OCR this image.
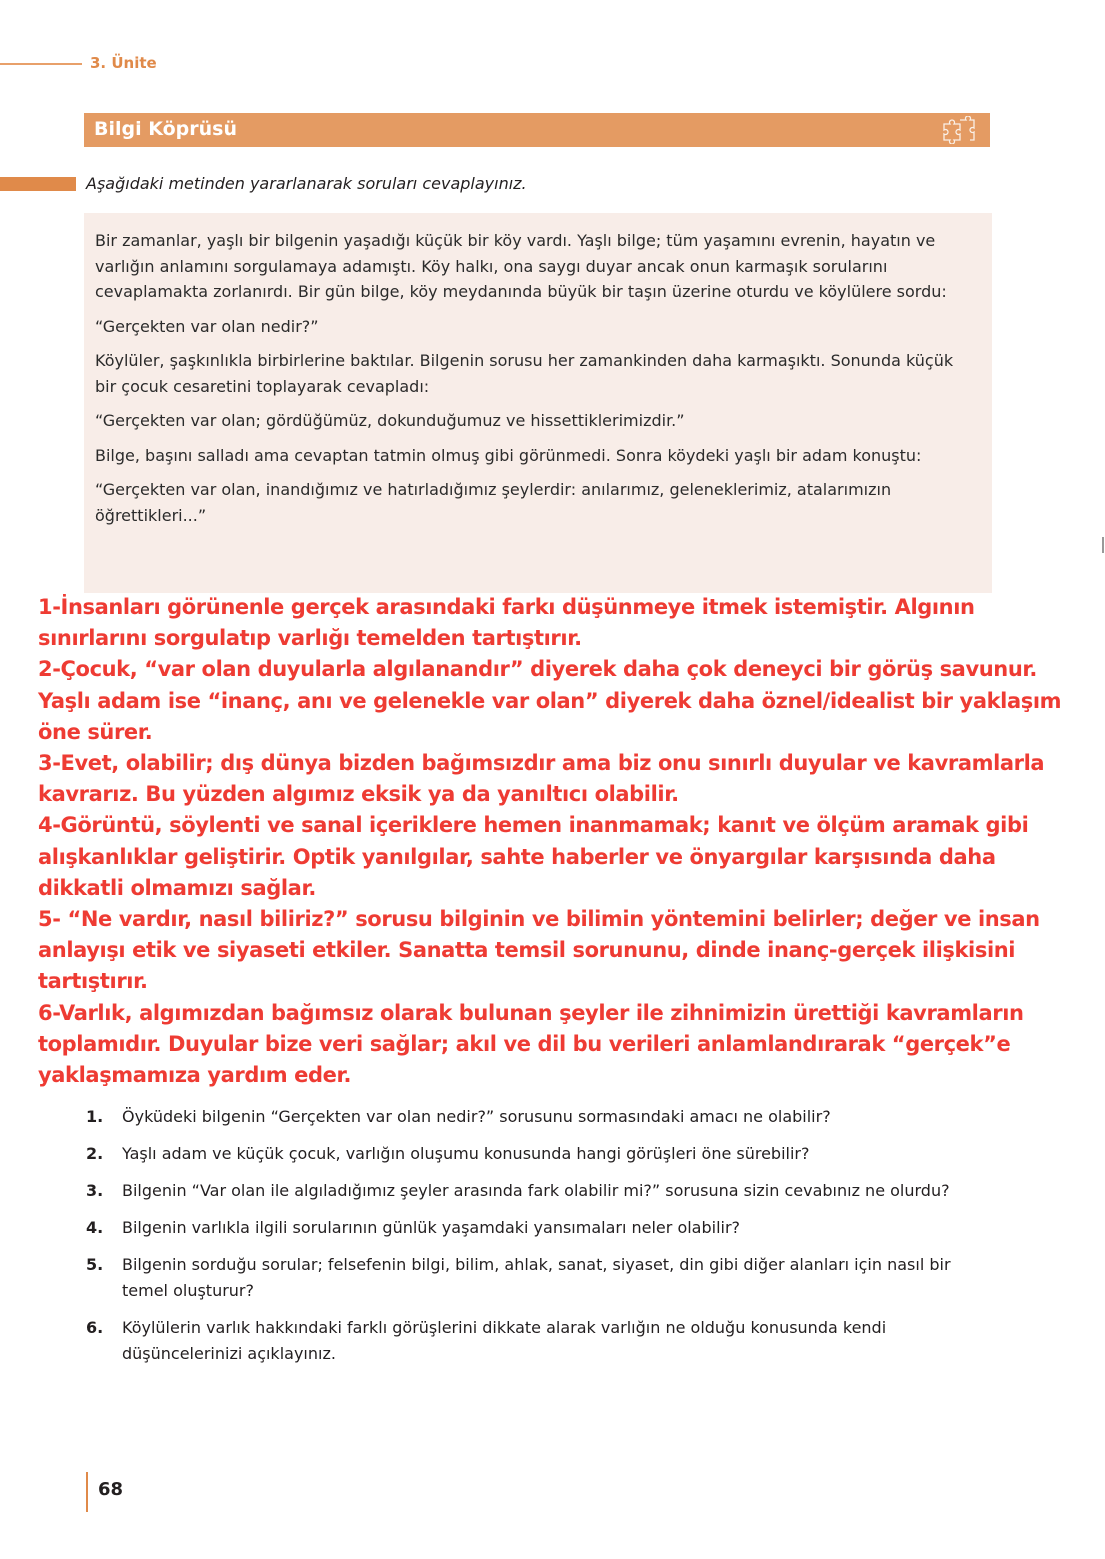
3. Ünite
Bilgi Köprüsü
Aşağıdaki metinden yararlanarak soruları cevaplayınız.

Bir zamanlar, yaşlı bir bilgenin yaşadığı küçük bir köy vardı. Yaşlı bilge; tüm yaşamını evrenin, hayatın ve varlığın anlamını sorgulamaya adamıştı. Köy halkı, ona saygı duyar ancak onun karmaşık sorularını cevaplamakta zorlanırdı. Bir gün bilge, köy meydanında büyük bir taşın üzerine oturdu ve köylülere sordu:

“Gerçekten var olan nedir?”

Köylüler, şaşkınlıkla birbirlerine baktılar. Bilgenin sorusu her zamankinden daha karmaşıktı. Sonunda küçük bir çocuk cesaretini toplayarak cevapladı:

“Gerçekten var olan; gördüğümüz, dokunduğumuz ve hissettiklerimizdir.”

Bilge, başını salladı ama cevaptan tatmin olmuş gibi görünmedi. Sonra köydeki yaşlı bir adam konuştu:

“Gerçekten var olan, inandığımız ve hatırladığımız şeylerdir: anılarımız, geleneklerimiz, atalarımızın öğrettikleri...”

1-İnsanları görünenle gerçek arasındaki farkı düşünmeye itmek istemiştir. Algının sınırlarını sorgulatıp varlığı temelden tartıştırır.
2-Çocuk, “var olan duyularla algılanandır” diyerek daha çok deneyci bir görüş savunur. Yaşlı adam ise “inanç, anı ve gelenekle var olan” diyerek daha öznel/idealist bir yaklaşım öne sürer.
3-Evet, olabilir; dış dünya bizden bağımsızdır ama biz onu sınırlı duyular ve kavramlarla kavrarız. Bu yüzden algımız eksik ya da yanıltıcı olabilir.
4-Görüntü, söylenti ve sanal içeriklere hemen inanmamak; kanıt ve ölçüm aramak gibi alışkanlıklar geliştirir. Optik yanılgılar, sahte haberler ve önyargılar karşısında daha dikkatli olmamızı sağlar.
5- “Ne vardır, nasıl biliriz?” sorusu bilginin ve bilimin yöntemini belirler; değer ve insan anlayışı etik ve siyaseti etkiler. Sanatta temsil sorununu, dinde inanç-gerçek ilişkisini tartıştırır.
6-Varlık, algımızdan bağımsız olarak bulunan şeyler ile zihnimizin ürettiği kavramların toplamıdır. Duyular bize veri sağlar; akıl ve dil bu verileri anlamlandırarak “gerçek”e yaklaşmamıza yardım eder.
1. Öyküdeki bilgenin “Gerçekten var olan nedir?” sorusunu sormasındaki amacı ne olabilir?
2. Yaşlı adam ve küçük çocuk, varlığın oluşumu konusunda hangi görüşleri öne sürebilir?
3. Bilgenin “Var olan ile algıladığımız şeyler arasında fark olabilir mi?” sorusuna sizin cevabınız ne olurdu?
4. Bilgenin varlıkla ilgili sorularının günlük yaşamdaki yansımaları neler olabilir?
5. Bilgenin sorduğu sorular; felsefenin bilgi, bilim, ahlak, sanat, siyaset, din gibi diğer alanları için nasıl bir temel oluşturur?
6. Köylülerin varlık hakkındaki farklı görüşlerini dikkate alarak varlığın ne olduğu konusunda kendi düşüncelerinizi açıklayınız.
68
